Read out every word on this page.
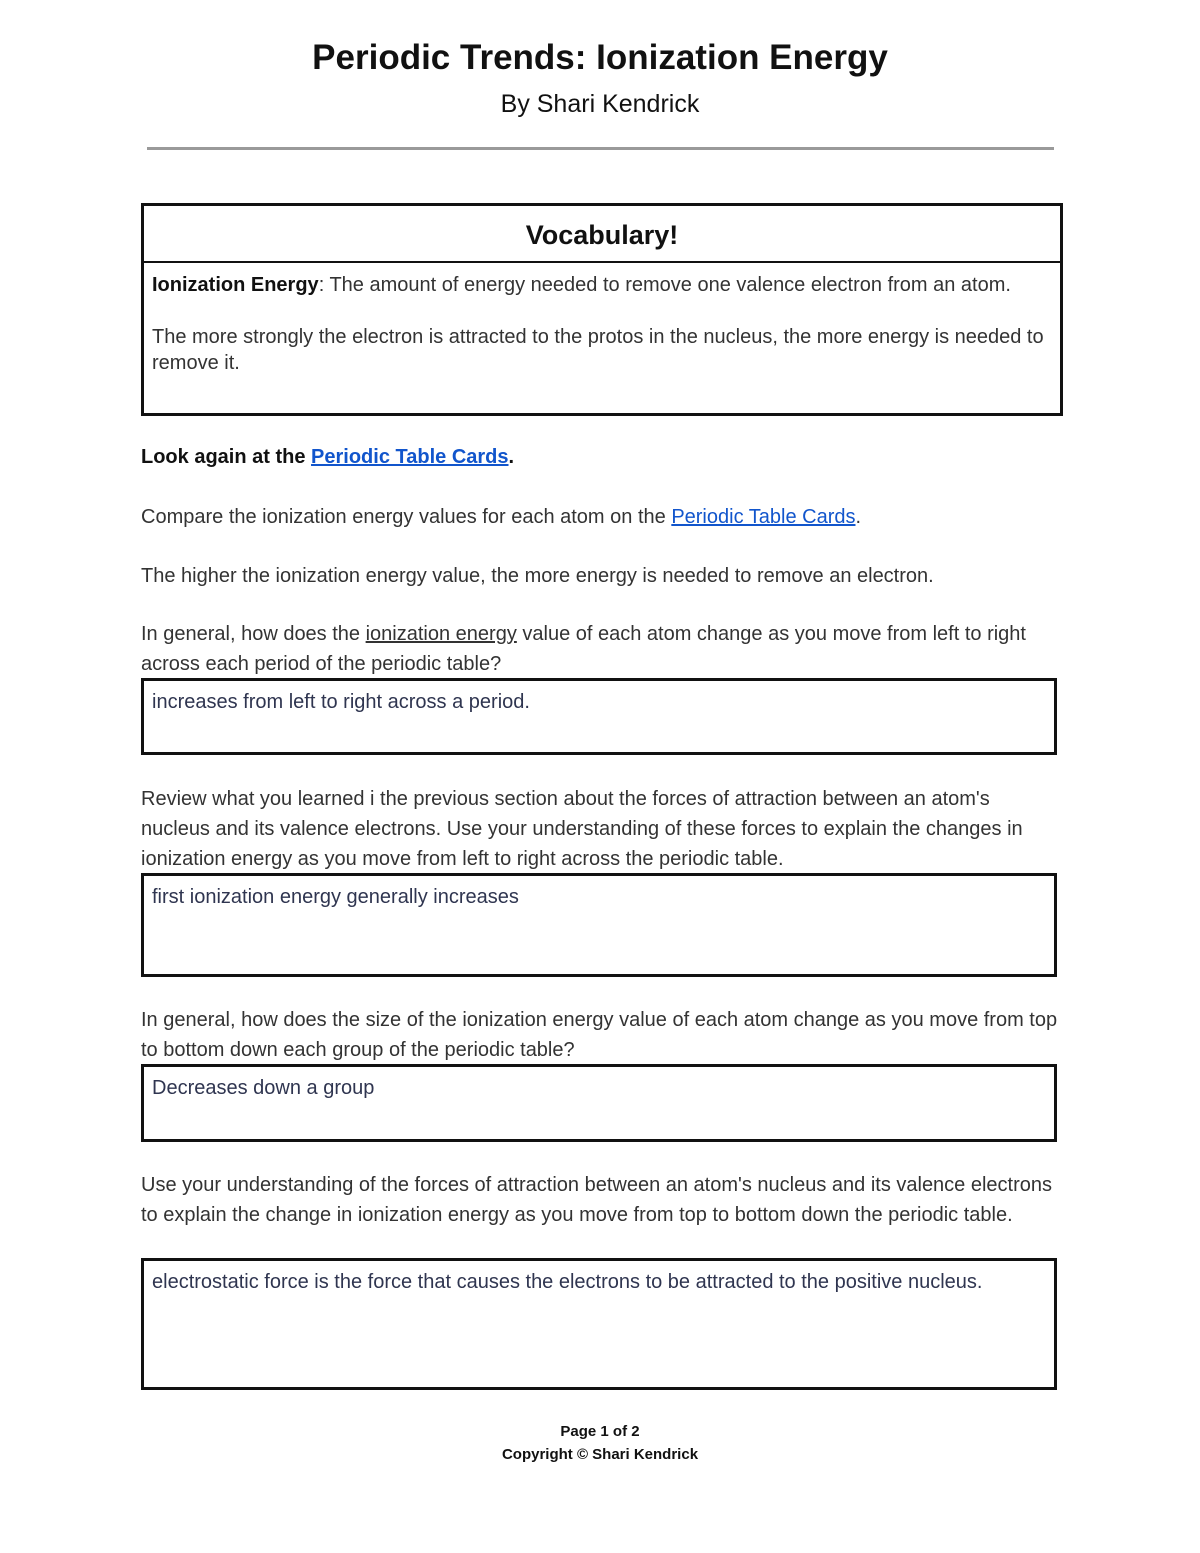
Periodic Trends: Ionization Energy
By Shari Kendrick
Vocabulary!
Ionization Energy: The amount of energy needed to remove one valence electron from an atom.
The more strongly the electron is attracted to the protos in the nucleus, the more energy is needed to remove it.
Look again at the Periodic Table Cards.
Compare the ionization energy values for each atom on the Periodic Table Cards.
The higher the ionization energy value, the more energy is needed to remove an electron.
In general, how does the ionization energy value of each atom change as you move from left to right across each period of the periodic table?
increases from left to right across a period.
Review what you learned i the previous section about the forces of attraction between an atom's nucleus and its valence electrons. Use your understanding of these forces to explain the changes in ionization energy as you move from left to right across the periodic table.
first ionization energy generally increases
In general, how does the size of the ionization energy value of each atom change as you move from top to bottom down each group of the periodic table?
Decreases down a group
Use your understanding of the forces of attraction between an atom's nucleus and its valence electrons to explain the change in ionization energy as you move from top to bottom down the periodic table.
electrostatic force is the force that causes the electrons to be attracted to the positive nucleus.
Page 1 of 2
Copyright © Shari Kendrick
